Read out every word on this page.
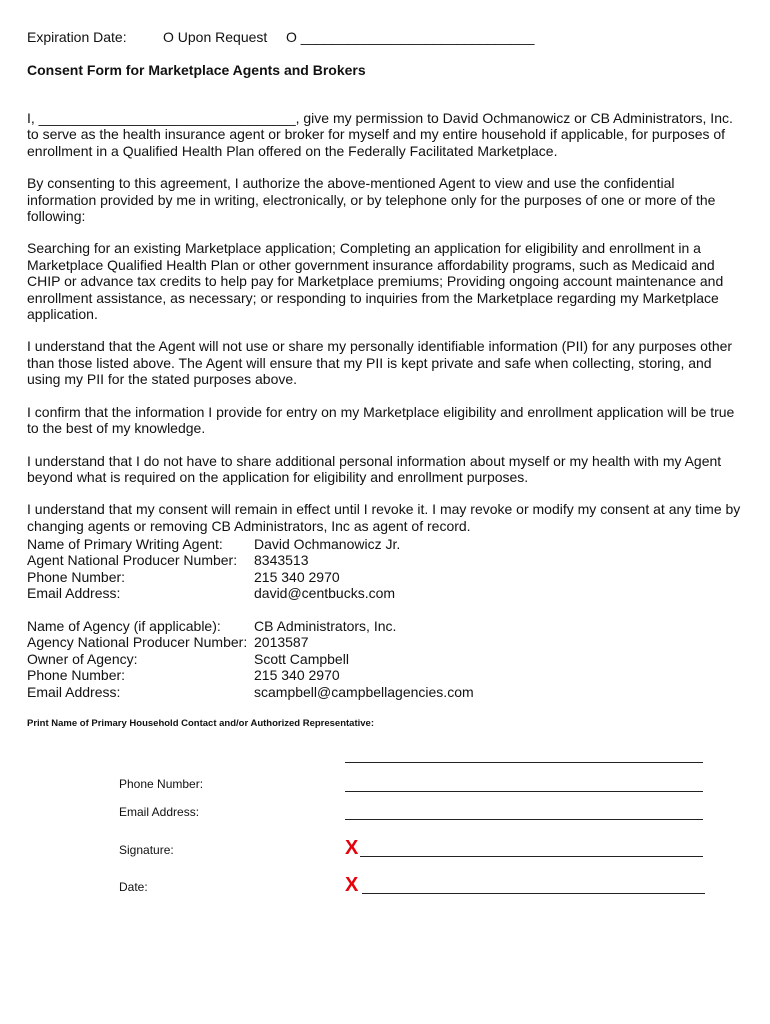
Expiration Date:	O Upon Request O ______________________________
Consent Form for Marketplace Agents and Brokers

I, _________________________________, give my permission to David Ochmanowicz or CB Administrators, Inc. to serve as the health insurance agent or broker for myself and my entire household if applicable, for purposes of enrollment in a Qualified Health Plan offered on the Federally Facilitated Marketplace.

By consenting to this agreement, I authorize the above-mentioned Agent to view and use the confidential information provided by me in writing, electronically, or by telephone only for the purposes of one or more of the following:

Searching for an existing Marketplace application; Completing an application for eligibility and enrollment in a Marketplace Qualified Health Plan or other government insurance affordability programs, such as Medicaid and CHIP or advance tax credits to help pay for Marketplace premiums; Providing ongoing account maintenance and enrollment assistance, as necessary; or responding to inquiries from the Marketplace regarding my Marketplace application.

I understand that the Agent will not use or share my personally identifiable information (PII) for any purposes other than those listed above. The Agent will ensure that my PII is kept private and safe when collecting, storing, and using my PII for the stated purposes above.

I confirm that the information I provide for entry on my Marketplace eligibility and enrollment application will be true to the best of my knowledge.

I understand that I do not have to share additional personal information about myself or my health with my Agent beyond what is required on the application for eligibility and enrollment purposes.

I understand that my consent will remain in effect until I revoke it. I may revoke or modify my consent at any time by changing agents or removing CB Administrators, Inc as agent of record.

Name of Primary Writing Agent:	David Ochmanowicz Jr.
Agent National Producer Number:	8343513
Phone Number:	215 340 2970
Email Address:	david@centbucks.com
Name of Agency (if applicable):	CB Administrators, Inc.
Agency National Producer Number: 2013587
Owner of Agency:	Scott Campbell
Phone Number:	215 340 2970
Email Address:	scampbell@campbellagencies.com
Print Name of Primary Household Contact and/or Authorized Representative:
Phone Number:
Email Address:
Signature:	X
Date:	X
